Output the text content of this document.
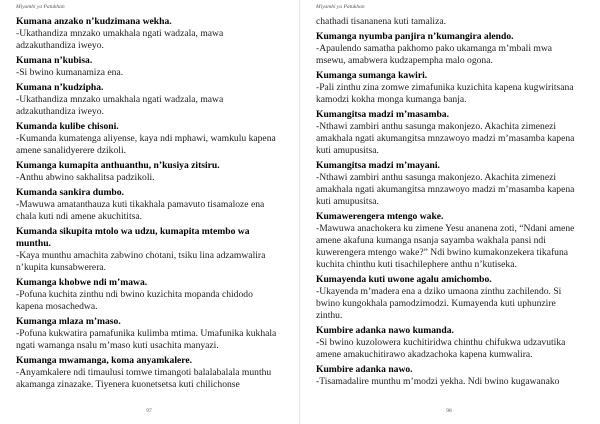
Miyambi ya Patukhan
Kumana anzako n’kudzimana wekha.

-Ukathandiza mnzako umakhala ngati wadzala, mawa adzakuthandiza iweyo.

Kumana n’kubisa.

-Si bwino kumanamiza ena.

Kumana n’kudzipha.

-Ukathandiza mnzako umakhala ngati wadzala, mawa adzakuthandiza iweyo.

Kumanda kulibe chisoni.

-Kumanda kumatenga aliyense, kaya ndi mphawi, wamkulu kapena amene sanalidyerere dzikoli.

Kumanga kumapita anthuanthu, n’kusiya zitsiru.

-Anthu abwino sakhalitsa padzikoli.

Kumanda sankira dumbo.

-Mawuwa amatanthauza kuti tikakhala pamavuto tisamaloze ena chala kuti ndi amene akuchititsa.

Kumanda sikupita mtolo wa udzu, kumapita mtembo wa munthu.

-Kaya munthu amachita zabwino chotani, tsiku lina adzamwalira n’kupita kunsabwerera.

Kumanga khobwe ndi m’mawa.

-Pofuna kuchita zinthu ndi bwino kuzichita mopanda chidodo kapena mosachedwa.

Kumanga mlaza m’maso.

-Pofuna kukwatira pamafunika kulimba mtima. Umafunika kukhala ngati wamanga nsalu m’maso kuti usachita manyazi.

Kumanga mwamanga, koma anyamkalere.

-Anyamkalere ndi timaulusi tomwe timangoti balalabalala munthu akamanga zinazake. Tiyenera kuonetsetsa kuti chilichonse

97
Miyambi ya Patukhan

chathadi tisananena kuti tamaliza.

Kumanga nyumba panjira n’kumangira alendo.

-Apaulendo samatha pakhomo pako ukamanga m’mbali mwa msewu, amabwera kudzapempha malo ogona.

Kumanga sumanga kawiri.

-Pali zinthu zina zomwe zimafunika kuzichita kapena kugwiritsana kamodzi kokha monga kumanga banja.

Kumangitsa madzi m’masamba.

-Nthawi zambiri anthu sasunga makonjezo. Akachita zimenezi amakhala ngati akumangitsa mnzawoyo madzi m’masamba kapena kuti amupusitsa.

Kumangitsa madzi m’mayani.

-Nthawi zambiri anthu sasunga makonjezo. Akachita zimenezi amakhala ngati akumangitsa mnzawoyo madzi m’masamba kapena kuti amupusitsa.

Kumawerengera mtengo wake.

-Mawuwa anachokera ku zimene Yesu ananena zoti, “Ndani amene amene akafuna kumanga nsanja sayamba wakhala pansi ndi kuwerengera mtengo wake?” Ndi bwino kumakonzekera tikafuna kuchita chinthu kuti tisachilephere anthu n’kutiseka.

Kumayenda kuti uwone agalu amichombo.

-Ukayenda m’madera ena a dziko umaona zinthu zachilendo. Si bwino kungokhala pamodzimodzi. Kumayenda kuti uphunzire zinthu.

Kumbire adanka nawo kumanda.

-Si bwino kuzolowera kuchitiridwa chinthu chifukwa udzavutika amene amakuchitirawo akadzachoka kapena kumwalira.

Kumbire adanka nawo.

-Tisamadalire munthu m’modzi yekha. Ndi bwino kugawanako

98
